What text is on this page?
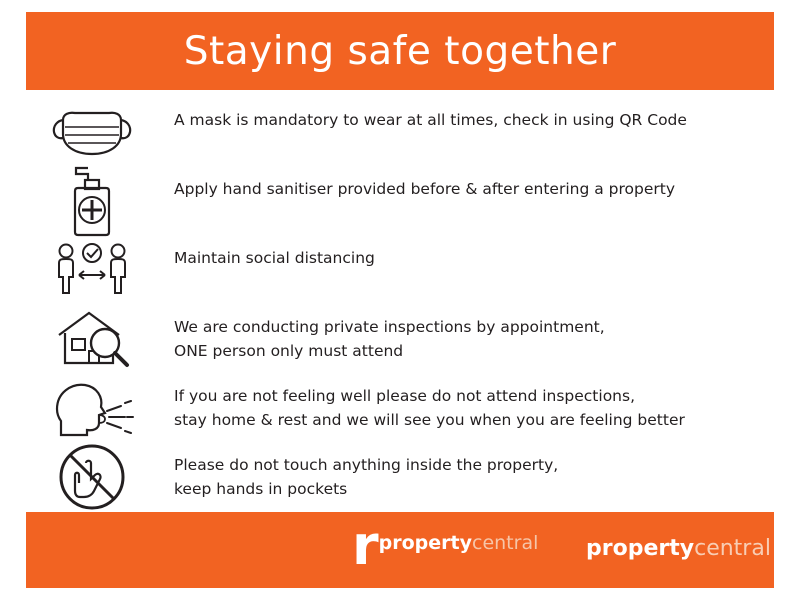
Staying safe together
A mask is mandatory to wear at all times, check in using QR Code
Apply hand sanitiser provided before & after entering a property
Maintain social distancing
We are conducting private inspections by appointment,
ONE person only must attend
If you are not feeling well please do not attend inspections,
stay home & rest and we will see you when you are feeling better
Please do not touch anything inside the property,
keep hands in pockets
r propertycentral propertycentral
